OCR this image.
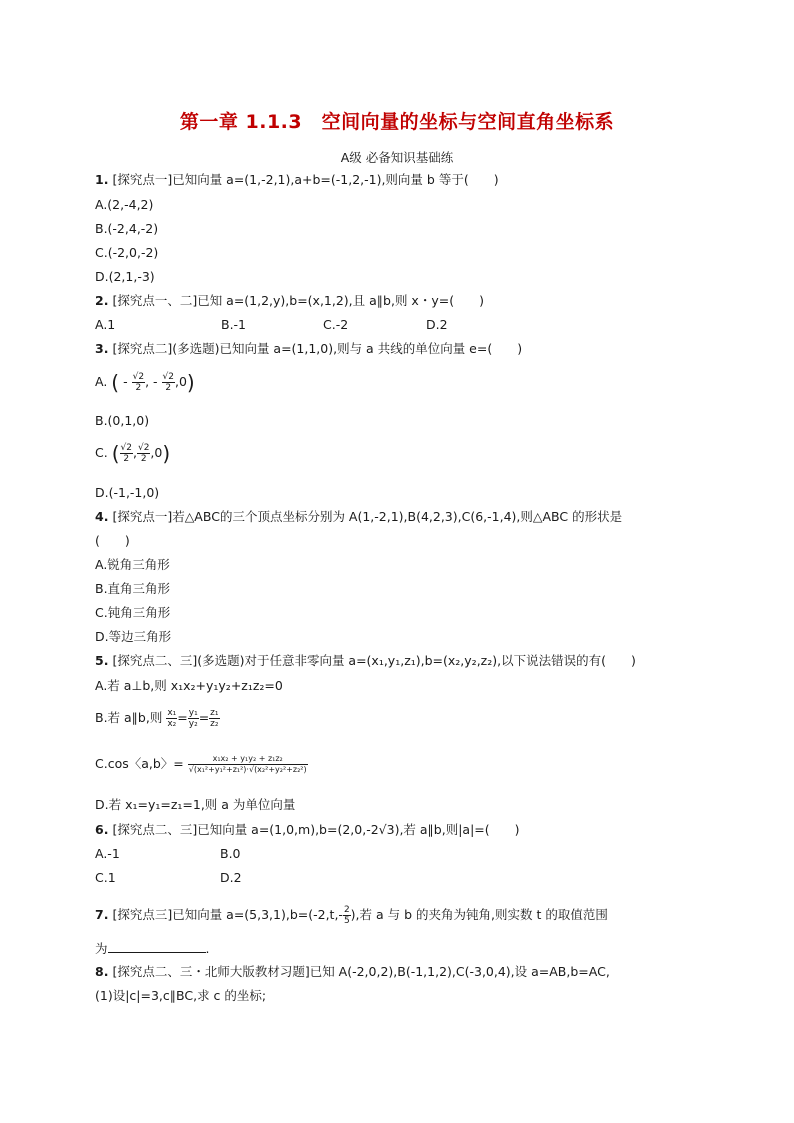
第一章 1.1.3　空间向量的坐标与空间直角坐标系
A级 必备知识基础练
1. [探究点一]已知向量 a=(1,-2,1),a+b=(-1,2,-1),则向量 b 等于(　　)
A.(2,-4,2)
B.(-2,4,-2)
C.(-2,0,-2)
D.(2,1,-3)
2. [探究点一、二]已知 a=(1,2,y),b=(x,1,2),且 a∥b,则 x・y=(　　)
A.1	B.-1	C.-2	D.2
3. [探究点二](多选题)已知向量 a=(1,1,0),则与 a 共线的单位向量 e=(　　)
A. ( - $\frac{√2}{2}$ , - $\frac{√2}{2} ,0$)
B.(0,1,0)
C. ( $\frac{√2}{2}$ , $\frac{√2}{2} ,0$)
D.(-1,-1,0)
4. [探究点一]若△ABC的三个顶点坐标分别为 A(1,-2,1),B(4,2,3),C(6,-1,4),则△ABC 的形状是
(　　)
A.锐角三角形
B.直角三角形
C.钝角三角形
D.等边三角形
5. [探究点二、三](多选题)对于任意非零向量 a=(x₁,y₁,z₁),b=(x₂,y₂,z₂),以下说法错误的有(　　)
A.若 a⊥b,则 x₁x₂+y₁y₂+z₁z₂=0
B.若 a∥b,则 $\frac{\text{x₁}}{\text{x₂}} = \frac{\text{y₁}}{\text{y₂}} = \frac{\text{z₁}}{\text{z₂}}$
C.cos〈a,b〉= $\frac{\text{x₁x₂ + y₁y₂ + z₁z₂}}{\text{√(x₁²+y₁²+z₁²)·√(x₂²+y₂²+z₂²)}}$
D.若 x₁=y₁=z₁=1,则 a 为单位向量
6. [探究点二、三]已知向量 a=(1,0,m),b=(2,0,-2√3),若 a∥b,则|a|=(　　)
A.-1	B.0
C.1	D.2
7. [探究点三]已知向量 $a=(5,3,1),b=(-2,t,- \frac{2}{5}$ ),若 a 与 b 的夹角为钝角,则实数 t 的取值范围
为	.
8. [探究点二、三・北师大版教材习题]已知 A(-2,0,2),B(-1,1,2),C(-3,0,4),设 a=AB,b=AC,
(1)设|c|=3,c∥BC,求 c 的坐标;
